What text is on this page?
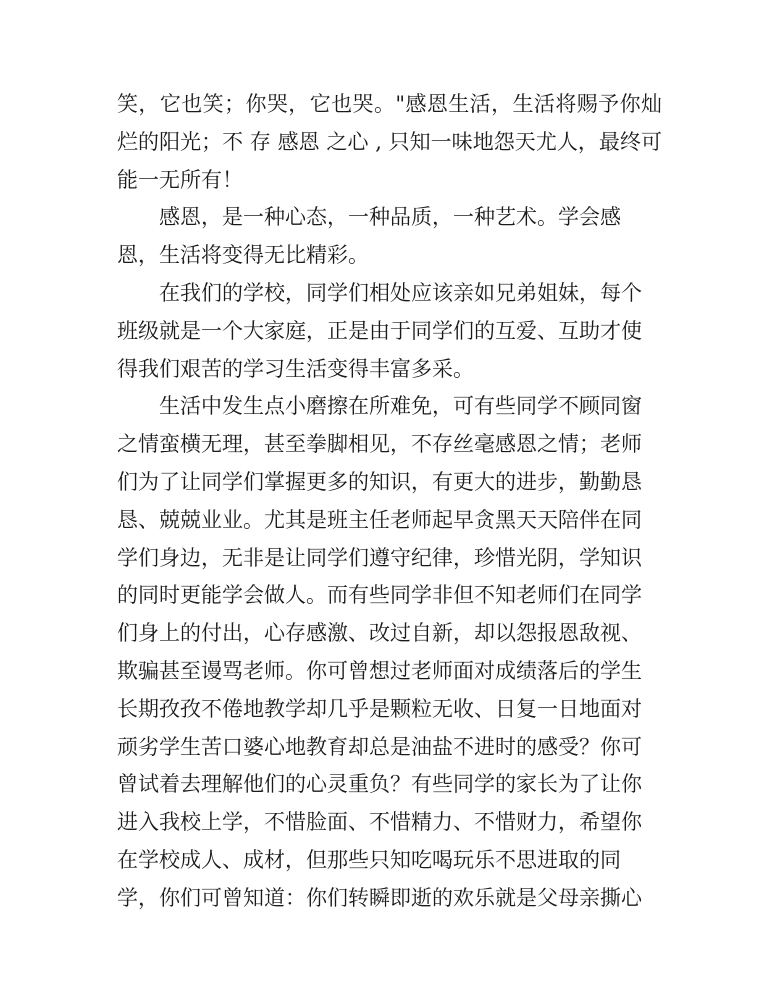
笑，它也笑；你哭，它也哭。"感恩生活，生活将赐予你灿
烂的阳光；不 存 感恩 之心 , 只知一味地怨天尤人，最终可
能一无所有！
感恩，是一种心态，一种品质，一种艺术。学会感
恩，生活将变得无比精彩。
在我们的学校，同学们相处应该亲如兄弟姐妹，每个
班级就是一个大家庭，正是由于同学们的互爱、互助才使
得我们艰苦的学习生活变得丰富多采。
生活中发生点小磨擦在所难免，可有些同学不顾同窗
之情蛮横无理，甚至拳脚相见，不存丝毫感恩之情；老师
们为了让同学们掌握更多的知识，有更大的进步，勤勤恳
恳、兢兢业业。尤其是班主任老师起早贪黑天天陪伴在同
学们身边，无非是让同学们遵守纪律，珍惜光阴，学知识
的同时更能学会做人。而有些同学非但不知老师们在同学
们身上的付出，心存感激、改过自新，却以怨报恩敌视、
欺骗甚至谩骂老师。你可曾想过老师面对成绩落后的学生
长期孜孜不倦地教学却几乎是颗粒无收、日复一日地面对
顽劣学生苦口婆心地教育却总是油盐不进时的感受？你可
曾试着去理解他们的心灵重负？有些同学的家长为了让你
进入我校上学，不惜脸面、不惜精力、不惜财力，希望你
在学校成人、成材，但那些只知吃喝玩乐不思进取的同
学，你们可曾知道：你们转瞬即逝的欢乐就是父母亲撕心
